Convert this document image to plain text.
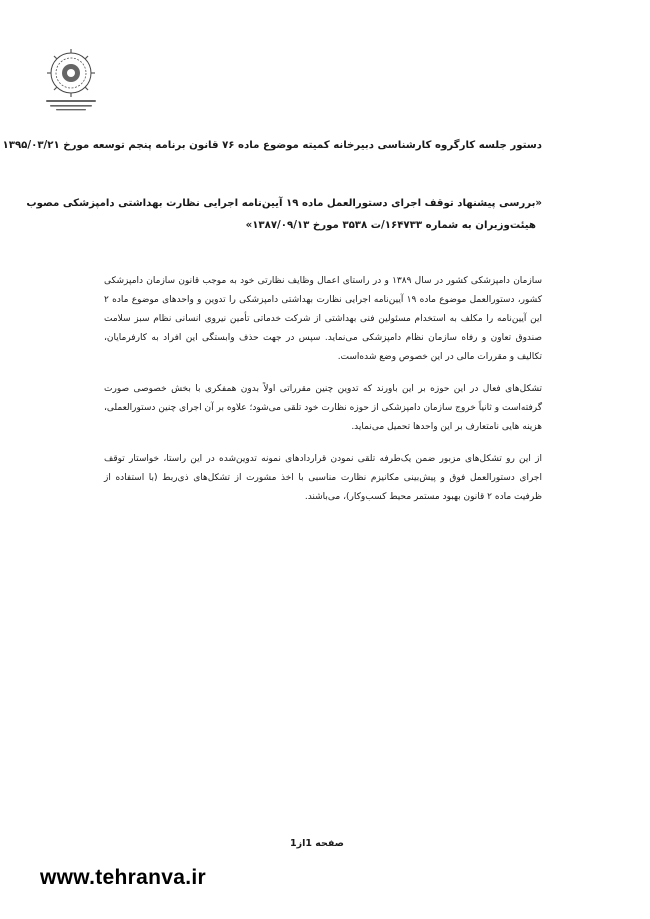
دستور جلسه کارگروه کارشناسی دبیرخانه کمیته موضوع ماده ۷۶ قانون برنامه پنجم توسعه مورخ ۱۳۹۵/۰۳/۲۱
«بررسی پیشنهاد توقف اجرای دستورالعمل ماده ۱۹ آیین‌نامه اجرایی نظارت بهداشتی دامپزشکی مصوب
هیئت‌وزیران به شماره ۱۶۴۷۳۳/ت ۳۵۳۸ مورخ ۱۳۸۷/۰۹/۱۳»

سازمان دامپزشکی کشور در سال ۱۳۸۹ و در راستای اعمال وظایف نظارتی خود به موجب قانون سازمان دامپزشکی کشور، دستورالعمل موضوع ماده ۱۹ آیین‌نامه اجرایی نظارت بهداشتی دامپزشکی را تدوین و واحدهای موضوع ماده ۲ این آیین‌نامه را مکلف به استخدام مسئولین فنی بهداشتی از شرکت خدماتی تأمین نیروی انسانی نظام سبز سلامت صندوق تعاون و رفاه سازمان نظام دامپزشکی می‌نماید. سپس در جهت حذف وابستگی این افراد به کارفرمایان، تکالیف و مقررات مالی در این خصوص وضع شده‌است.

تشکل‌های فعال در این حوزه بر این باورند که تدوین چنین مقرراتی اولاً بدون همفکری با بخش خصوصی صورت گرفته‌است و ثانیاً خروج سازمان دامپزشکی از حوزه نظارت خود تلقی می‌شود؛ علاوه بر آن اجرای چنین دستورالعملی، هزینه هایی نامتعارف بر این واحدها تحمیل می‌نماید.

از این رو تشکل‌های مزبور ضمن یک‌طرفه تلقی نمودن قراردادهای نمونه تدوین‌شده در این راستا، خواستار توقف اجرای دستورالعمل فوق و پیش‌بینی مکانیزم نظارت مناسبی با اخذ مشورت از تشکل‌های ذی‌ربط (با استفاده از ظرفیت ماده ۲ قانون بهبود مستمر محیط کسب‌وکار)، می‌باشند.

صفحه 1از1
www.tehranva.ir
